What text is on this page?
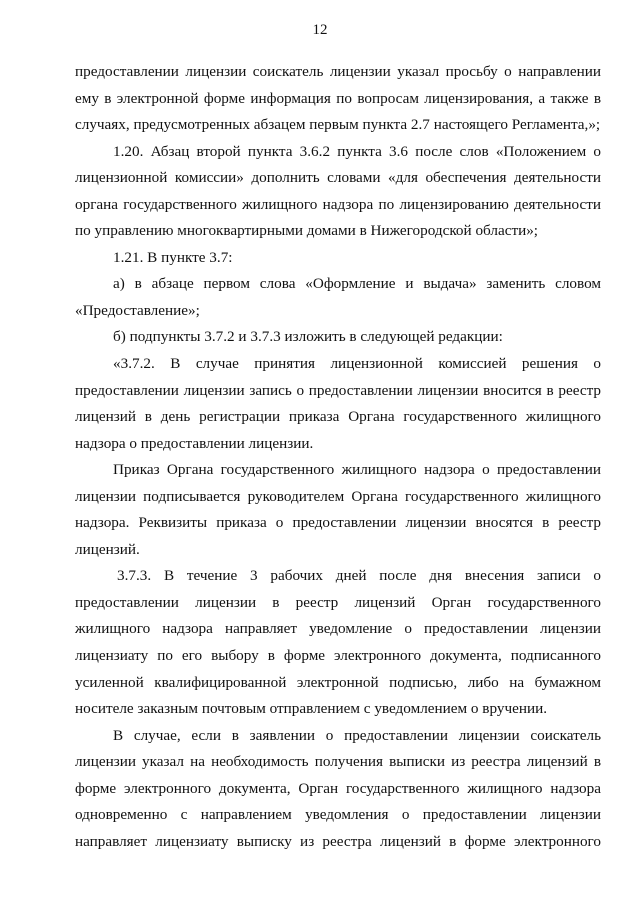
12
предоставлении лицензии соискатель лицензии указал просьбу о направлении
ему в электронной форме информация по вопросам лицензирования, а также в
случаях, предусмотренных абзацем первым пункта 2.7 настоящего Регламента,»;
1.20. Абзац второй пункта 3.6.2 пункта 3.6 после слов «Положением о
лицензионной комиссии» дополнить словами «для обеспечения деятельности
органа государственного жилищного надзора по лицензированию деятельности
по управлению многоквартирными домами в Нижегородской области»;
1.21. В пункте 3.7:
а) в абзаце первом слова «Оформление и выдача» заменить словом
«Предоставление»;
б) подпункты 3.7.2 и 3.7.3 изложить в следующей редакции:
«3.7.2. В случае принятия лицензионной комиссией решения о
предоставлении лицензии запись о предоставлении лицензии вносится в реестр
лицензий в день регистрации приказа Органа государственного жилищного
надзора о предоставлении лицензии.
Приказ Органа государственного жилищного надзора о предоставлении
лицензии подписывается руководителем Органа государственного жилищного
надзора. Реквизиты приказа о предоставлении лицензии вносятся в реестр
лицензий.
3.7.3. В течение 3 рабочих дней после дня внесения записи о
предоставлении лицензии в реестр лицензий Орган государственного
жилищного надзора направляет уведомление о предоставлении лицензии
лицензиату по его выбору в форме электронного документа, подписанного
усиленной квалифицированной электронной подписью, либо на бумажном
носителе заказным почтовым отправлением с уведомлением о вручении.
В случае, если в заявлении о предоставлении лицензии соискатель
лицензии указал на необходимость получения выписки из реестра лицензий в
форме электронного документа, Орган государственного жилищного надзора
одновременно с направлением уведомления о предоставлении лицензии
направляет лицензиату выписку из реестра лицензий в форме электронного
